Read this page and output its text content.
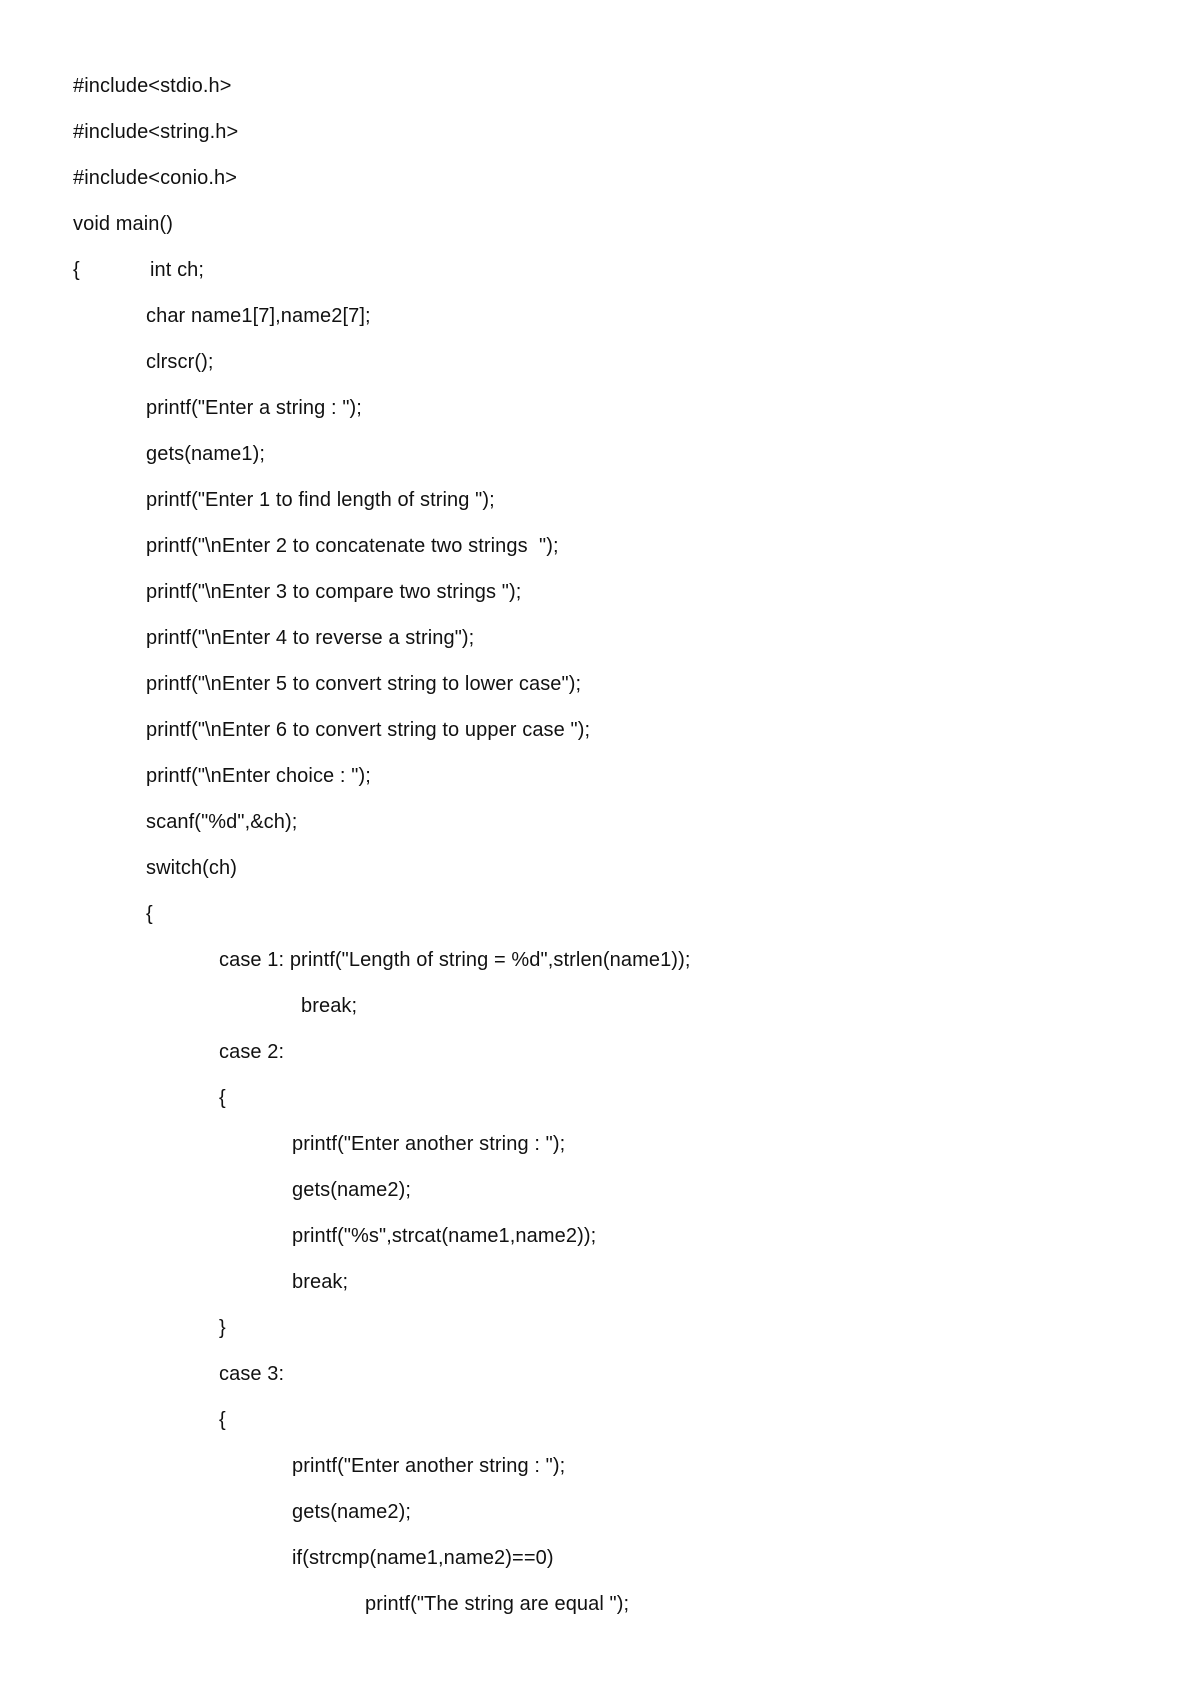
#include<stdio.h>
#include<string.h>
#include<conio.h>
void main()
{	int ch;
char name1[7],name2[7];
clrscr();
printf("Enter a string : ");
gets(name1);
printf("Enter 1 to find length of string ");
printf("\nEnter 2 to concatenate two strings  ");
printf("\nEnter 3 to compare two strings ");
printf("\nEnter 4 to reverse a string");
printf("\nEnter 5 to convert string to lower case");
printf("\nEnter 6 to convert string to upper case ");
printf("\nEnter choice : ");
scanf("%d",&ch);
switch(ch)
{
case 1: printf("Length of string = %d",strlen(name1));
break;
case 2:
{
printf("Enter another string : ");
gets(name2);
printf("%s",strcat(name1,name2));
break;
}
case 3:
{
printf("Enter another string : ");
gets(name2);
if(strcmp(name1,name2)==0)
printf("The string are equal ");
